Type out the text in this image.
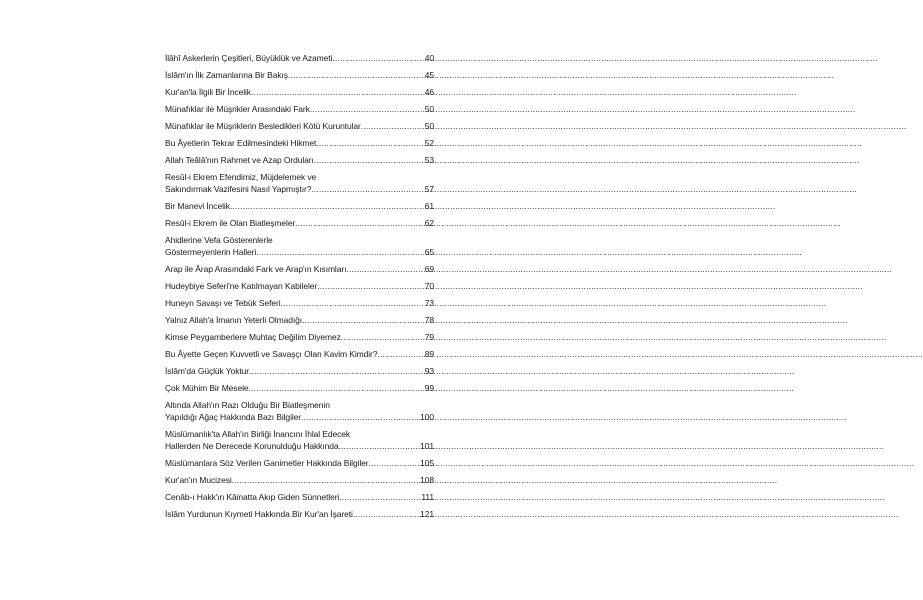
İlâhî Askerlerin Çeşitleri, Büyüklük ve Azameti .....	40
İslâm'ın İlk Zamanlarına Bir Bakış .....	45
Kur'an'la İlgili Bir İncelik .....	46
Münafıklar ile Müşrikler Arasındaki Fark .....	50
Münafıklar ile Müşriklerin Besledikleri Kötü Kuruntular .....	50
Bu Âyetlerin Tekrar Edilmesindeki Hikmet .....	52
Allah Teâlâ'nın Rahmet ve Azap Orduları .....	53
Resûl-i Ekrem Efendimiz, Müjdelemek ve
Sakındırmak Vazifesini Nasıl Yapmıştır? .....	57
Bir Manevi İncelik .....	61
Resûl-i Ekrem ile Olan Biatleşmeler .....	62
Ahidlerine Vefa Gösterenlerle
Göstermeyenlerin Halleri .....	65
Arap ile Ârap Arasındaki Fark ve Arap'ın Kısımları .....	69
Hudeybiye Seferi'ne Katılmayan Kabileler .....	70
Huneyn Savaşı ve Tebük Seferi .....	73
Yalnız Allah'a İmanın Yeterli Olmadığı .....	78
Kimse Peygamberlere Muhtaç Değilim Diyemez .....	79
Bu Âyette Geçen Kuvvetli ve Savaşçı Olan Kavim Kimdir? .....	89
İslâm'da Güçlük Yoktur .....	93
Çok Mühim Bir Mesele .....	99
Altında Allah'ın Razı Olduğu Bir Biatleşmenin
Yapıldığı Ağaç Hakkında Bazı Bilgiler .....	100
Müslümanlık'ta Allah'ın Birliği İnancını İhlal Edecek
Hallerden Ne Derecede Korunulduğu Hakkında .....	101
Müslümanlara Söz Verilen Ganimetler Hakkında Bilgiler .....	105
Kur'an'ın Mucizesi .....	108
Cenâb-ı Hakk'ın Kâinatta Akıp Giden Sünnetleri .....	111
İslâm Yurdunun Kıymeti Hakkında Bir Kur'an İşareti .....	121
